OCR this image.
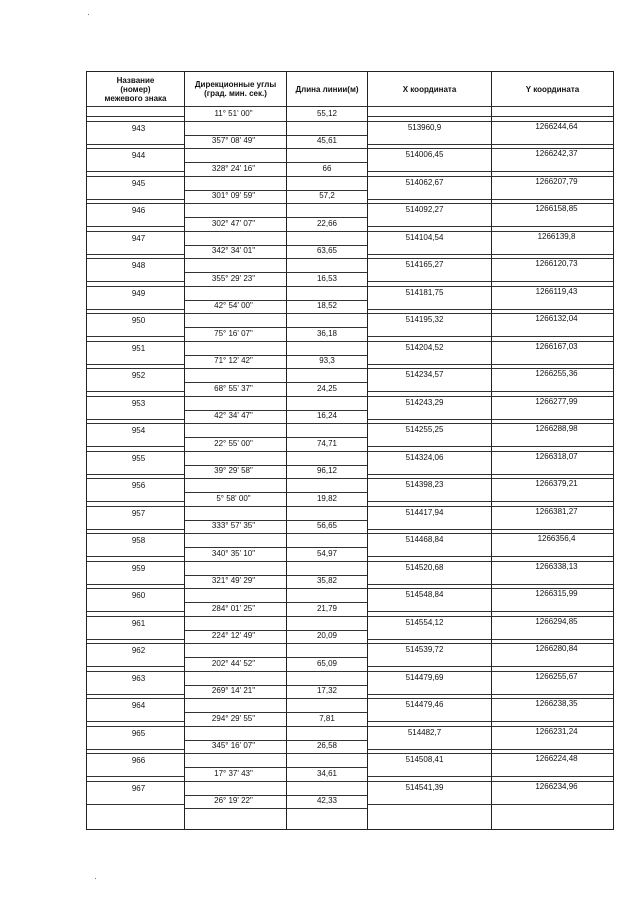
Название
(номер)
межевого знака
943
944
945
946
947
948
949
950
951
952
953
954
955
956
957
958
959
960
961
962
963
964
965
966
967
Дирекционные углы
(град. мин. сек.)
11° 51' 00"
357° 08' 49"
328° 24' 16"
301° 09' 59"
302° 47' 07"
342° 34' 01"
355° 29' 23"
42° 54' 00"
75° 16' 07"
71° 12' 42"
68° 55' 37"
42° 34' 47"
22° 55' 00"
39° 29' 58"
5° 58' 00"
333° 57' 35"
340° 35' 10"
321° 49' 29"
284° 01' 25"
224° 12' 49"
202° 44' 52"
269° 14' 21"
294° 29' 55"
345° 16' 07"
17° 37' 43"
26° 19' 22"
Длина линии(м)
55,12
45,61
66
57,2
22,66
63,65
16,53
18,52
36,18
93,3
24,25
16,24
74,71
96,12
19,82
56,65
54,97
35,82
21,79
20,09
65,09
17,32
7,81
26,58
34,61
42,33
X координата
513960,9
514006,45
514062,67
514092,27
514104,54
514165,27
514181,75
514195,32
514204,52
514234,57
514243,29
514255,25
514324,06
514398,23
514417,94
514468,84
514520,68
514548,84
514554,12
514539,72
514479,69
514479,46
514482,7
514508,41
514541,39
Y координата
1266244,64
1266242,37
1266207,79
1266158,85
1266139,8
1266120,73
1266119,43
1266132,04
1266167,03
1266255,36
1266277,99
1266288,98
1266318,07
1266379,21
1266381,27
1266356,4
1266338,13
1266315,99
1266294,85
1266280,84
1266255,67
1266238,35
1266231,24
1266224,48
1266234,96
